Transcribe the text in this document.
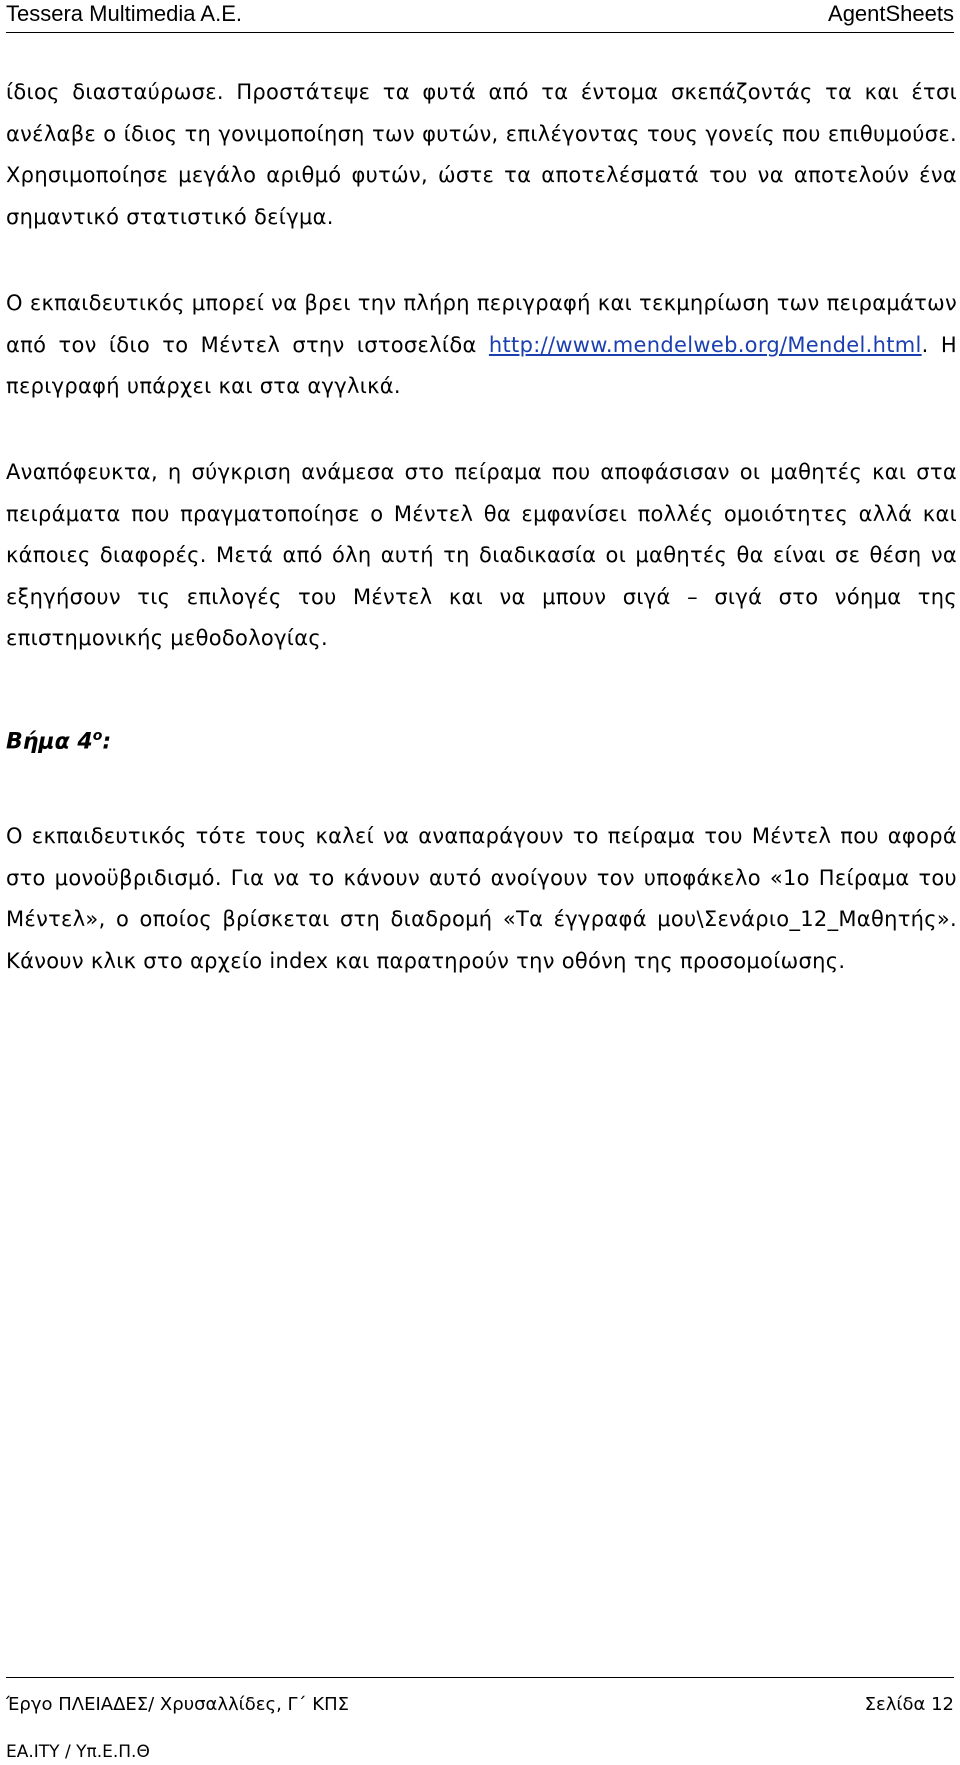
Tessera Multimedia A.E.	AgentSheets

ίδιος διασταύρωσε. Προστάτεψε τα φυτά από τα έντομα σκεπάζοντάς τα και έτσι ανέλαβε ο ίδιος τη γονιμοποίηση των φυτών, επιλέγοντας τους γονείς που επιθυμούσε. Χρησιμοποίησε μεγάλο αριθμό φυτών, ώστε τα αποτελέσματά του να αποτελούν ένα σημαντικό στατιστικό δείγμα.

Ο εκπαιδευτικός μπορεί να βρει την πλήρη περιγραφή και τεκμηρίωση των πειραμάτων από τον ίδιο το Μέντελ στην ιστοσελίδα http://www.mendelweb.org/Mendel.html. Η περιγραφή υπάρχει και στα αγγλικά.

Αναπόφευκτα, η σύγκριση ανάμεσα στο πείραμα που αποφάσισαν οι μαθητές και στα πειράματα που πραγματοποίησε ο Μέντελ θα εμφανίσει πολλές ομοιότητες αλλά και κάποιες διαφορές. Μετά από όλη αυτή τη διαδικασία οι μαθητές θα είναι σε θέση να εξηγήσουν τις επιλογές του Μέντελ και να μπουν σιγά – σιγά στο νόημα της επιστημονικής μεθοδολογίας.

Βήμα $4^o$:

Ο εκπαιδευτικός τότε τους καλεί να αναπαράγουν το πείραμα του Μέντελ που αφορά στο μονοϋβριδισμό. Για να το κάνουν αυτό ανοίγουν τον υποφάκελο «1ο Πείραμα του Μέντελ», ο οποίος βρίσκεται στη διαδρομή «Τα έγγραφά μου\Σενάριο_12_Μαθητής». Κάνουν κλικ στο αρχείο index και παρατηρούν την οθόνη της προσομοίωσης.

Έργο ΠΛΕΙΑΔΕΣ/ Χρυσαλλίδες, Γ΄ ΚΠΣ	Σελίδα 12
ΕΑ.ΙΤΥ / Υπ.Ε.Π.Θ
